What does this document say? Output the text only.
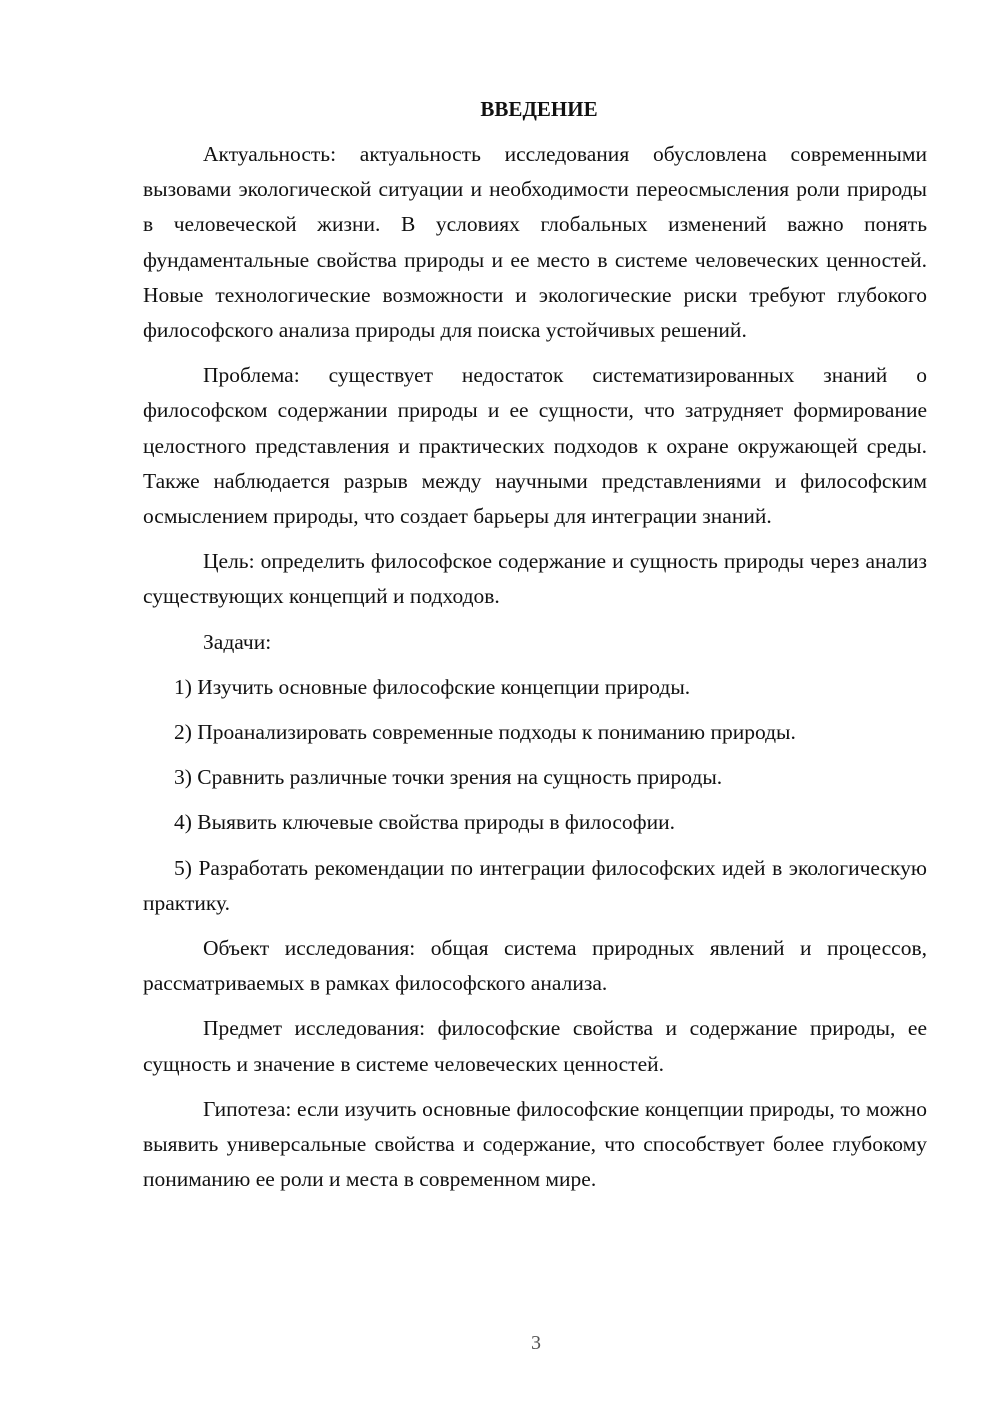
ВВЕДЕНИЕ

Актуальность: актуальность исследования обусловлена современными вызовами экологической ситуации и необходимости переосмысления роли природы в человеческой жизни. В условиях глобальных изменений важно понять фундаментальные свойства природы и ее место в системе человеческих ценностей. Новые технологические возможности и экологические риски требуют глубокого философского анализа природы для поиска устойчивых решений.

Проблема: существует недостаток систематизированных знаний о философском содержании природы и ее сущности, что затрудняет формирование целостного представления и практических подходов к охране окружающей среды. Также наблюдается разрыв между научными представлениями и философским осмыслением природы, что создает барьеры для интеграции знаний.

Цель: определить философское содержание и сущность природы через анализ существующих концепций и подходов.

Задачи:

1) Изучить основные философские концепции природы.

2) Проанализировать современные подходы к пониманию природы.

3) Сравнить различные точки зрения на сущность природы.

4) Выявить ключевые свойства природы в философии.

5) Разработать рекомендации по интеграции философских идей в экологическую практику.

Объект исследования: общая система природных явлений и процессов, рассматриваемых в рамках философского анализа.

Предмет исследования: философские свойства и содержание природы, ее сущность и значение в системе человеческих ценностей.

Гипотеза: если изучить основные философские концепции природы, то можно выявить универсальные свойства и содержание, что способствует более глубокому пониманию ее роли и места в современном мире.

3
